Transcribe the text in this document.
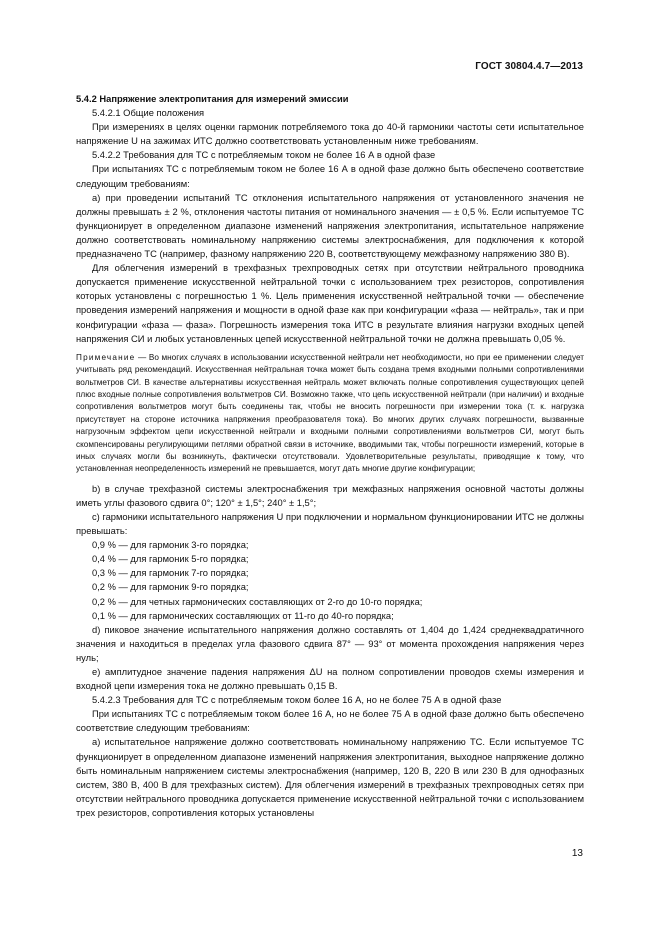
ГОСТ 30804.4.7—2013

5.4.2 Напряжение электропитания для измерений эмиссии

5.4.2.1 Общие положения

При измерениях в целях оценки гармоник потребляемого тока до 40-й гармоники частоты сети испытательное напряжение U на зажимах ИТС должно соответствовать установленным ниже требованиям.

5.4.2.2 Требования для ТС с потребляемым током не более 16 А в одной фазе

При испытаниях ТС с потребляемым током не более 16 А в одной фазе должно быть обеспечено соответствие следующим требованиям:

а) при проведении испытаний ТС отклонения испытательного напряжения от установленного значения не должны превышать ± 2 %, отклонения частоты питания от номинального значения — ± 0,5 %. Если испытуемое ТС функционирует в определенном диапазоне изменений напряжения электропитания, испытательное напряжение должно соответствовать номинальному напряжению системы электроснабжения, для подключения к которой предназначено ТС (например, фазному напряжению 220 В, соответствующему межфазному напряжению 380 В).

Для облегчения измерений в трехфазных трехпроводных сетях при отсутствии нейтрального проводника допускается применение искусственной нейтральной точки с использованием трех резисторов, сопротивления которых установлены с погрешностью 1 %. Цель применения искусственной нейтральной точки — обеспечение проведения измерений напряжения и мощности в одной фазе как при конфигурации «фаза — нейтраль», так и при конфигурации «фаза — фаза». Погрешность измерения тока ИТС в результате влияния нагрузки входных цепей напряжения СИ и любых установленных цепей искусственной нейтральной точки не должна превышать 0,05 %.

Примечание — Во многих случаях в использовании искусственной нейтрали нет необходимости, но при ее применении следует учитывать ряд рекомендаций. Искусственная нейтральная точка может быть создана тремя входными полными сопротивлениями вольтметров СИ. В качестве альтернативы искусственная нейтраль может включать полные сопротивления существующих цепей плюс входные полные сопротивления вольтметров СИ. Возможно также, что цепь искусственной нейтрали (при наличии) и входные сопротивления вольтметров могут быть соединены так, чтобы не вносить погрешности при измерении тока (т. к. нагрузка присутствует на стороне источника напряжения преобразователя тока). Во многих других случаях погрешности, вызванные нагрузочным эффектом цепи искусственной нейтрали и входными полными сопротивлениями вольтметров СИ, могут быть скомпенсированы регулирующими петлями обратной связи в источнике, вводимыми так, чтобы погрешности измерений, которые в иных случаях могли бы возникнуть, фактически отсутствовали. Удовлетворительные результаты, приводящие к тому, что установленная неопределенность измерений не превышается, могут дать многие другие конфигурации;

b) в случае трехфазной системы электроснабжения три межфазных напряжения основной частоты должны иметь углы фазового сдвига 0°; 120° ± 1,5°; 240° ± 1,5°;

с) гармоники испытательного напряжения U при подключении и нормальном функционировании ИТС не должны превышать:

0,9 % — для гармоник 3-го порядка;

0,4 % — для гармоник 5-го порядка;

0,3 % — для гармоник 7-го порядка;

0,2 % — для гармоник 9-го порядка;

0,2 % — для четных гармонических составляющих от 2-го до 10-го порядка;

0,1 % — для гармонических составляющих от 11-го до 40-го порядка;

d) пиковое значение испытательного напряжения должно составлять от 1,404 до 1,424 среднеквадратичного значения и находиться в пределах угла фазового сдвига 87° — 93° от момента прохождения напряжения через нуль;

е) амплитудное значение падения напряжения ΔU на полном сопротивлении проводов схемы измерения и входной цепи измерения тока не должно превышать 0,15 В.

5.4.2.3 Требования для ТС с потребляемым током более 16 А, но не более 75 А в одной фазе

При испытаниях ТС с потребляемым током более 16 А, но не более 75 А в одной фазе должно быть обеспечено соответствие следующим требованиям:

а) испытательное напряжение должно соответствовать номинальному напряжению ТС. Если испытуемое ТС функционирует в определенном диапазоне изменений напряжения электропитания, выходное напряжение должно быть номинальным напряжением системы электроснабжения (например, 120 В, 220 В или 230 В для однофазных систем, 380 В, 400 В для трехфазных систем). Для облегчения измерений в трехфазных трехпроводных сетях при отсутствии нейтрального проводника допускается применение искусственной нейтральной точки с использованием трех резисторов, сопротивления которых установлены

13
